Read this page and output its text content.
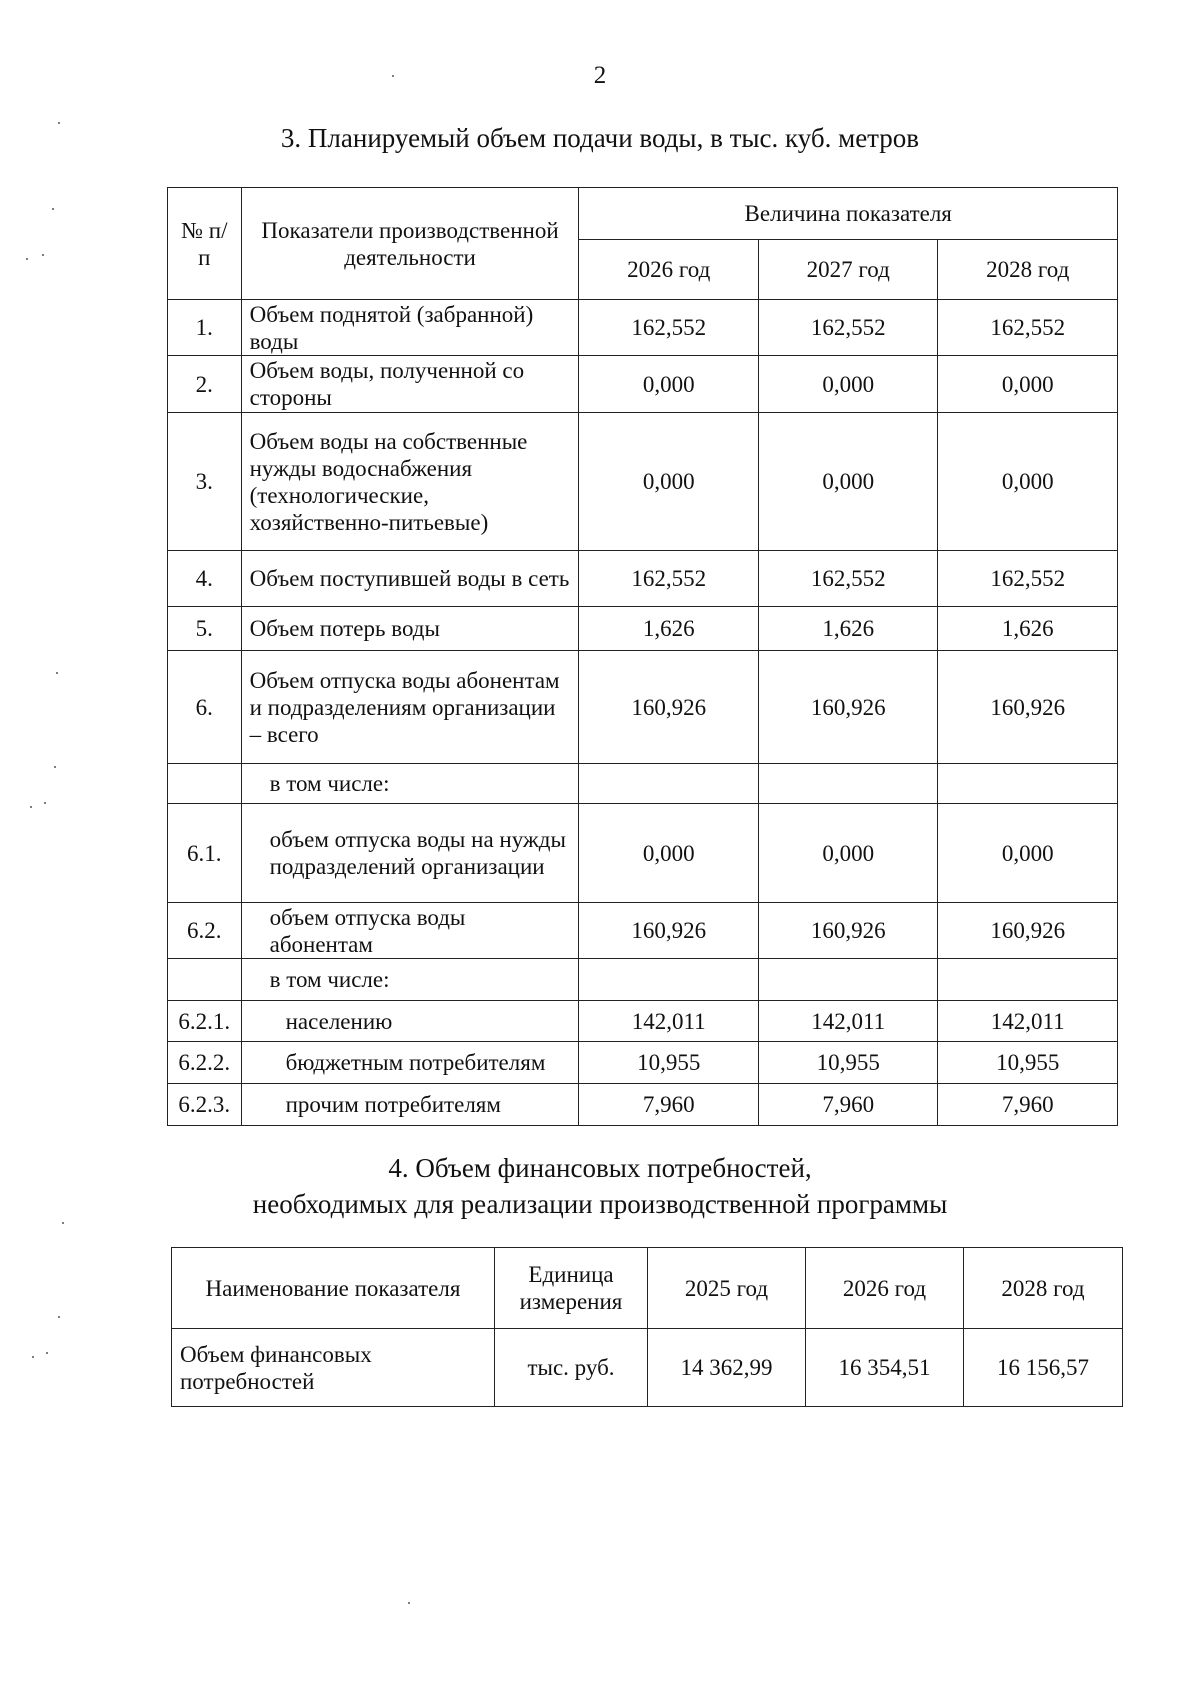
2
3. Планируемый объем подачи воды, в тыс. куб. метров
№ п/п	Показатели производственной деятельности	Величина показателя		
		2026 год	2027 год	2028 год
1.	Объем поднятой (забранной) воды	162,552	162,552	162,552
2.	Объем воды, полученной со стороны	0,000	0,000	0,000
3.	Объем воды на собственные нужды водоснабжения (технологические, хозяйственно-питьевые)	0,000	0,000	0,000
4.	Объем поступившей воды в сеть	162,552	162,552	162,552
5.	Объем потерь воды	1,626	1,626	1,626
6.	Объем отпуска воды абонентам и подразделениям организации – всего	160,926	160,926	160,926
	в том числе:			
6.1.	объем отпуска воды на нужды подразделений организации	0,000	0,000	0,000
6.2.	объем отпуска воды абонентам	160,926	160,926	160,926
	в том числе:			
6.2.1.	населению	142,011	142,011	142,011
6.2.2.	бюджетным потребителям	10,955	10,955	10,955
6.2.3.	прочим потребителям	7,960	7,960	7,960
4. Объем финансовых потребностей,
необходимых для реализации производственной программы
Наименование показателя	Единица измерения	2025 год	2026 год	2028 год
Объем финансовых потребностей	тыс. руб.	14 362,99	16 354,51	16 156,57
